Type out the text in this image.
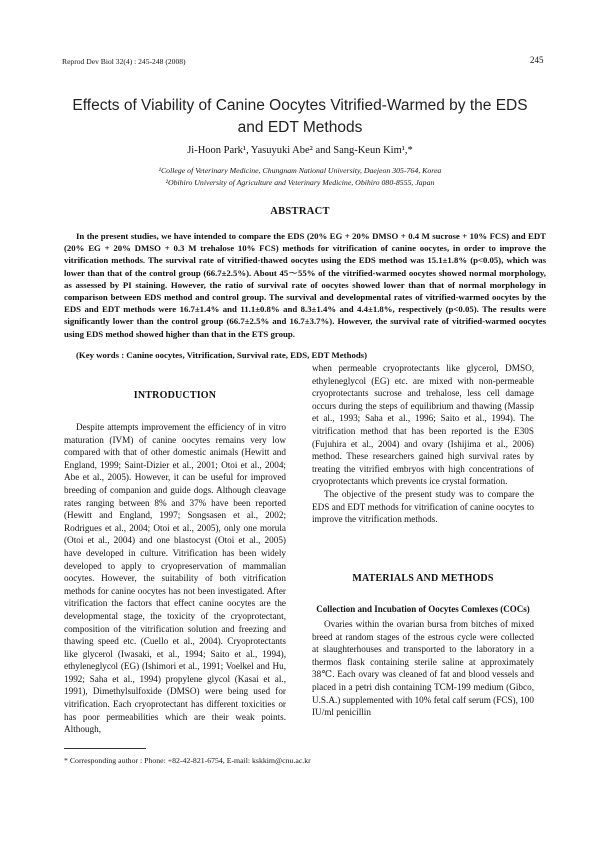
Reprod Dev Biol 32(4) : 245-248 (2008)	245
Effects of Viability of Canine Oocytes Vitrified-Warmed by the EDS
and EDT Methods
Ji-Hoon Park¹, Yasuyuki Abe² and Sang-Keun Kim¹,*
¹College of Veterinary Medicine, Chungnam National University, Daejeon 305-764, Korea
²Obihiro University of Agriculture and Veterinary Medicine, Obihiro 080-8555, Japan
ABSTRACT

In the present studies, we have intended to compare the EDS (20% EG + 20% DMSO + 0.4 M sucrose + 10% FCS) and EDT (20% EG + 20% DMSO + 0.3 M trehalose 10% FCS) methods for vitrification of canine oocytes, in order to improve the vitrification methods. The survival rate of vitrified-thawed oocytes using the EDS method was 15.1±1.8% (p<0.05), which was lower than that of the control group (66.7±2.5%). About 45～55% of the vitrified-warmed oocytes showed normal morphology, as assessed by PI staining. However, the ratio of survival rate of oocytes showed lower than that of normal morphology in comparison between EDS method and control group. The survival and developmental rates of vitrified-warmed oocytes by the EDS and EDT methods were 16.7±1.4% and 11.1±0.8% and 8.3±1.4% and 4.4±1.8%, respectively (p<0.05). The results were significantly lower than the control group (66.7±2.5% and 16.7±3.7%). However, the survival rate of vitrified-warmed oocytes using EDS method showed higher than that in the ETS group.

(Key words : Canine oocytes, Vitrification, Survival rate, EDS, EDT Methods)
INTRODUCTION

Despite attempts improvement the efficiency of in vitro maturation (IVM) of canine oocytes remains very low compared with that of other domestic animals (Hewitt and England, 1999; Saint-Dizier et al., 2001; Otoi et al., 2004; Abe et al., 2005). However, it can be useful for improved breeding of companion and guide dogs. Although cleavage rates ranging between 8% and 37% have been reported (Hewitt and England, 1997; Songsasen et al., 2002; Rodrigues et al., 2004; Otoi et al., 2005), only one morula (Otoi et al., 2004) and one blastocyst (Otoi et al., 2005) have developed in culture. Vitrification has been widely developed to apply to cryopreservation of mammalian oocytes. However, the suitability of both vitrification methods for canine oocytes has not been investigated. After vitrification the factors that effect canine oocytes are the developmental stage, the toxicity of the cryoprotectant, composition of the vitrification solution and freezing and thawing speed etc. (Cuello et al., 2004). Cryoprotectants like glycerol (Iwasaki, et al., 1994; Saito et al., 1994), ethyleneglycol (EG) (Ishimori et al., 1991; Voelkel and Hu, 1992; Saha et al., 1994) propylene glycol (Kasai et al., 1991), Dimethylsulfoxide (DMSO) were being used for vitrification. Each cryoprotectant has different toxicities or has poor permeabilities which are their weak points. Although,

when permeable cryoprotectants like glycerol, DMSO, ethyleneglycol (EG) etc. are mixed with non-permeable cryoprotectants sucrose and trehalose, less cell damage occurs during the steps of equilibrium and thawing (Massip et al., 1993; Saha et al., 1996; Saito et al., 1994). The vitrification method that has been reported is the E30S (Fujuhira et al., 2004) and ovary (Ishijima et al., 2006) method. These researchers gained high survival rates by treating the vitrified embryos with high concentrations of cryoprotectants which prevents ice crystal formation.

The objective of the present study was to compare the EDS and EDT methods for vitrification of canine oocytes to improve the vitrification methods.

MATERIALS AND METHODS
Collection and Incubation of Oocytes Comlexes (COCs)

Ovaries within the ovarian bursa from bitches of mixed breed at random stages of the estrous cycle were collected at slaughterhouses and transported to the laboratory in a thermos flask containing sterile saline at approximately 38℃. Each ovary was cleaned of fat and blood vessels and placed in a petri dish containing TCM-199 medium (Gibco, U.S.A.) supplemented with 10% fetal calf serum (FCS), 100 IU/ml penicillin

* Corresponding author : Phone: +82-42-821-6754, E-mail: kskkim@cnu.ac.kr
